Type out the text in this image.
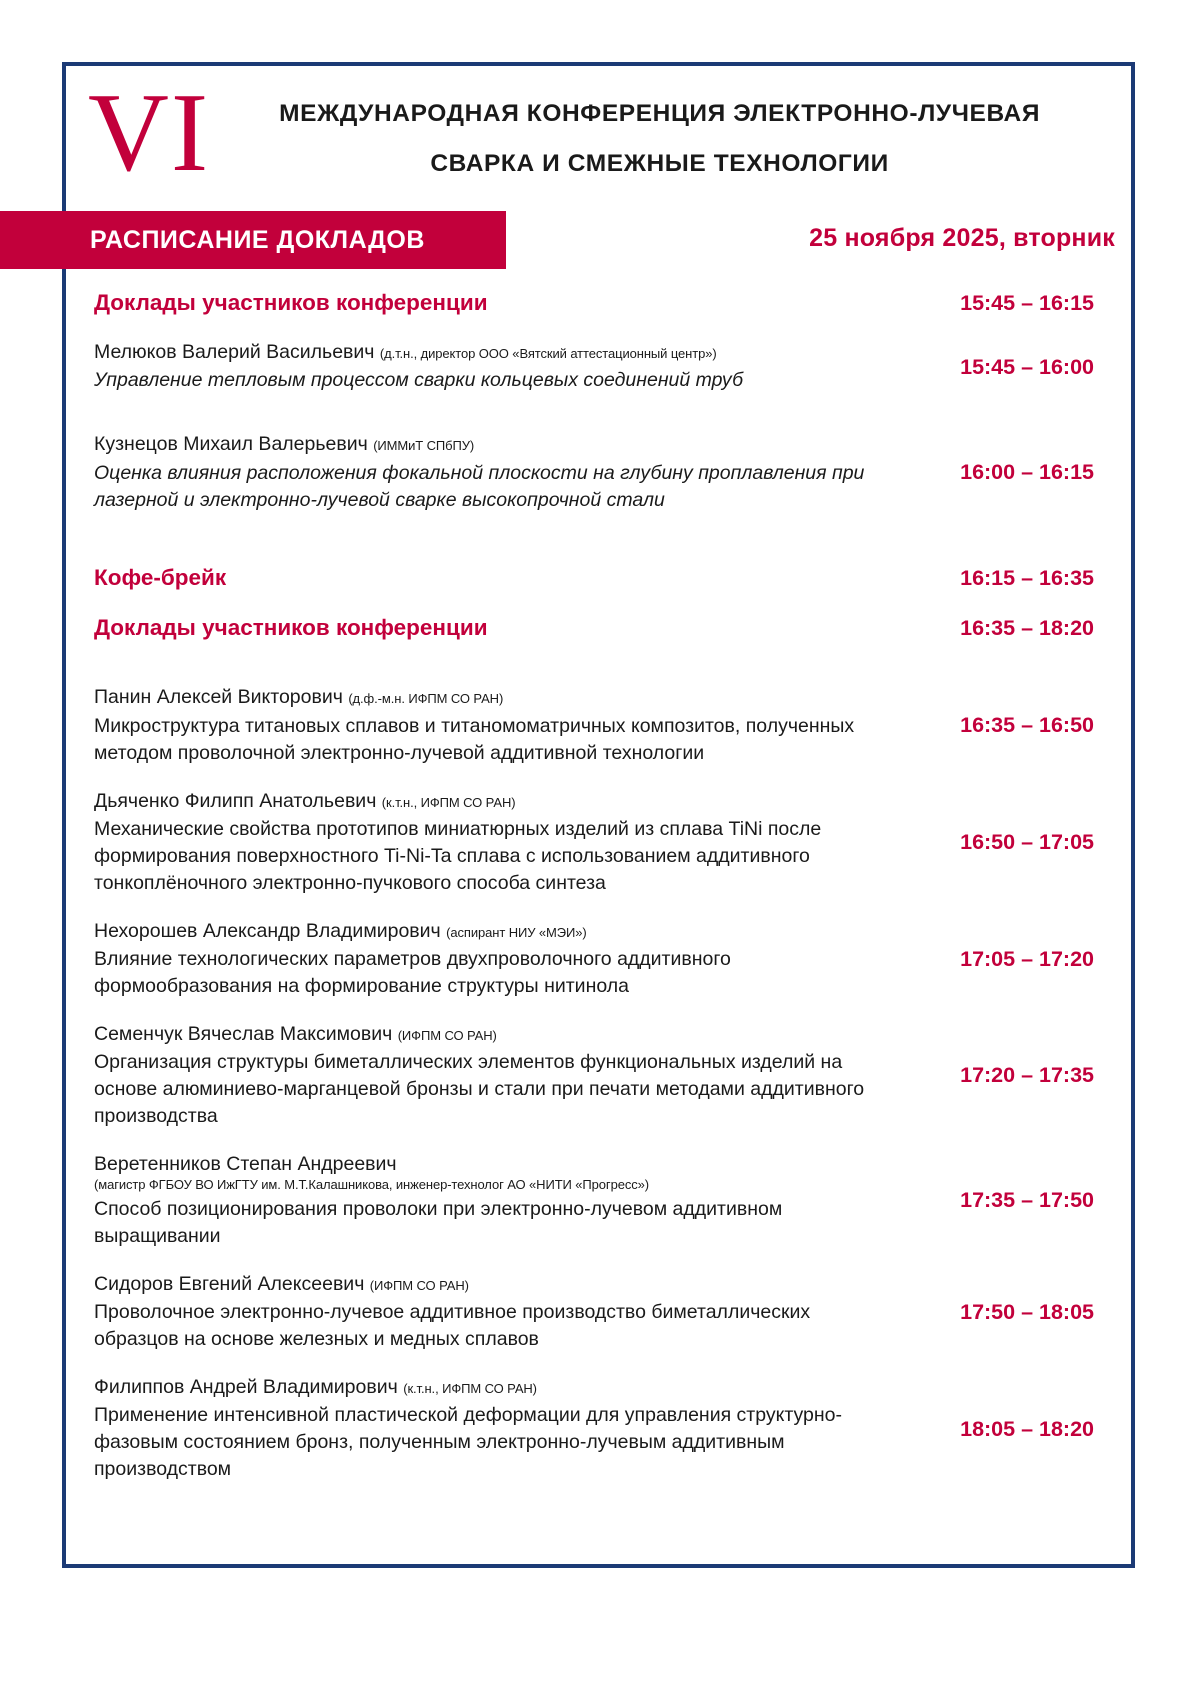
VI	МЕЖДУНАРОДНАЯ КОНФЕРЕНЦИЯ ЭЛЕКТРОННО-ЛУЧЕВАЯ
СВАРКА И СМЕЖНЫЕ ТЕХНОЛОГИИ
РАСПИСАНИЕ ДОКЛАДОВ	25 ноября 2025, вторник
Доклады участников конференции	15:45 – 16:15
Мелюков Валерий Васильевич (д.т.н., директор ООО «Вятский аттестационный центр»)
Управление тепловым процессом сварки кольцевых соединений труб
15:45 – 16:00
Кузнецов Михаил Валерьевич (ИММиТ СПбПУ)
Оценка влияния расположения фокальной плоскости на глубину проплавления при лазерной и электронно-лучевой сварке высокопрочной стали
16:00 – 16:15
Кофе-брейк	16:15 – 16:35
Доклады участников конференции	16:35 – 18:20
Панин Алексей Викторович (д.ф.-м.н. ИФПМ СО РАН)
Микроструктура титановых сплавов и титаномоматричных композитов, полученных методом проволочной электронно-лучевой аддитивной технологии
16:35 – 16:50
Дьяченко Филипп Анатольевич (к.т.н., ИФПМ СО РАН)
Механические свойства прототипов миниатюрных изделий из сплава TiNi после формирования поверхностного Ti-Ni-Ta сплава с использованием аддитивного тонкоплёночного электронно-пучкового способа синтеза
16:50 – 17:05
Нехорошев Александр Владимирович (аспирант НИУ «МЭИ»)
Влияние технологических параметров двухпроволочного аддитивного формообразования на формирование структуры нитинола
17:05 – 17:20
Семенчук Вячеслав Максимович (ИФПМ СО РАН)
Организация структуры биметаллических элементов функциональных изделий на основе алюминиево-марганцевой бронзы и стали при печати методами аддитивного производства
17:20 – 17:35
Веретенников Степан Андреевич
(магистр ФГБОУ ВО ИжГТУ им. М.Т.Калашникова, инженер-технолог АО «НИТИ «Прогресс»)
Способ позиционирования проволоки при электронно-лучевом аддитивном выращивании
17:35 – 17:50
Сидоров Евгений Алексеевич (ИФПМ СО РАН)
Проволочное электронно-лучевое аддитивное производство биметаллических образцов на основе железных и медных сплавов
17:50 – 18:05
Филиппов Андрей Владимирович (к.т.н., ИФПМ СО РАН)
Применение интенсивной пластической деформации для управления структурно-фазовым состоянием бронз, полученным электронно-лучевым аддитивным производством
18:05 – 18:20
